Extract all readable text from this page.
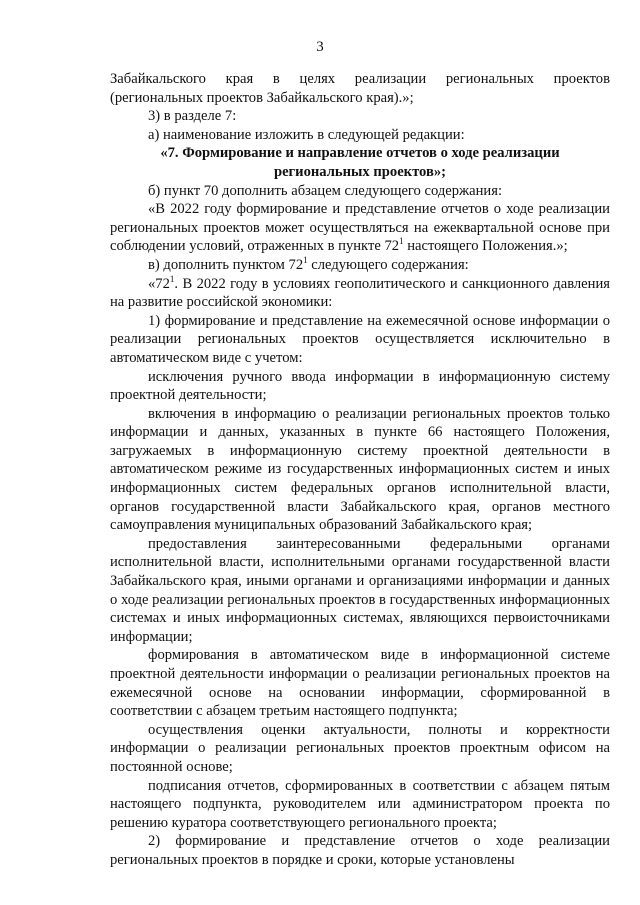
3

Забайкальского края в целях реализации региональных проектов (региональных проектов Забайкальского края).»;

3) в разделе 7:

а) наименование изложить в следующей редакции:

«7. Формирование и направление отчетов о ходе реализации региональных проектов»;

б) пункт 70 дополнить абзацем следующего содержания:

«В 2022 году формирование и представление отчетов о ходе реализации региональных проектов может осуществляться на ежеквартальной основе при соблюдении условий, отраженных в пункте $72^1$ настоящего Положения.»;

в) дополнить пунктом $72^1$ следующего содержания:

«$72^1$. В 2022 году в условиях геополитического и санкционного давления на развитие российской экономики:

1) формирование и представление на ежемесячной основе информации о реализации региональных проектов осуществляется исключительно в автоматическом виде с учетом:

исключения ручного ввода информации в информационную систему проектной деятельности;

включения в информацию о реализации региональных проектов только информации и данных, указанных в пункте 66 настоящего Положения, загружаемых в информационную систему проектной деятельности в автоматическом режиме из государственных информационных систем и иных информационных систем федеральных органов исполнительной власти, органов государственной власти Забайкальского края, органов местного самоуправления муниципальных образований Забайкальского края;

предоставления заинтересованными федеральными органами исполнительной власти, исполнительными органами государственной власти Забайкальского края, иными органами и организациями информации и данных о ходе реализации региональных проектов в государственных информационных системах и иных информационных системах, являющихся первоисточниками информации;

формирования в автоматическом виде в информационной системе проектной деятельности информации о реализации региональных проектов на ежемесячной основе на основании информации, сформированной в соответствии с абзацем третьим настоящего подпункта;

осуществления оценки актуальности, полноты и корректности информации о реализации региональных проектов проектным офисом на постоянной основе;

подписания отчетов, сформированных в соответствии с абзацем пятым настоящего подпункта, руководителем или администратором проекта по решению куратора соответствующего регионального проекта;

2) формирование и представление отчетов о ходе реализации региональных проектов в порядке и сроки, которые установлены
